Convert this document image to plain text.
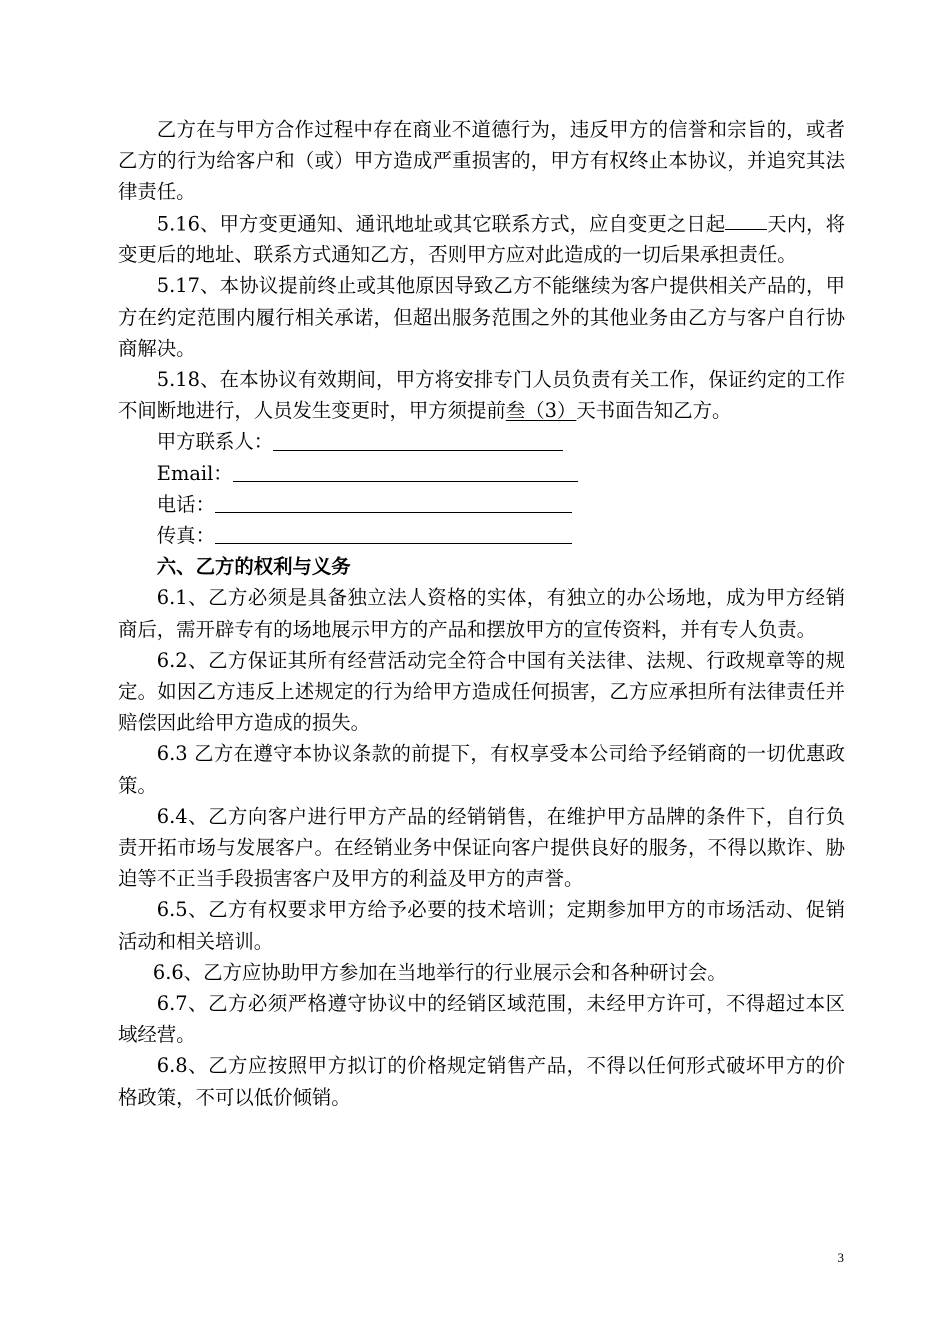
乙方在与甲方合作过程中存在商业不道德行为，违反甲方的信誉和宗旨的，或者乙方的行为给客户和（或）甲方造成严重损害的，甲方有权终止本协议，并追究其法律责任。

5.16、甲方变更通知、通讯地址或其它联系方式，应自变更之日起 天内，将变更后的地址、联系方式通知乙方，否则甲方应对此造成的一切后果承担责任。

5.17、本协议提前终止或其他原因导致乙方不能继续为客户提供相关产品的，甲方在约定范围内履行相关承诺，但超出服务范围之外的其他业务由乙方与客户自行协商解决。

5.18、在本协议有效期间，甲方将安排专门人员负责有关工作，保证约定的工作不间断地进行，人员发生变更时，甲方须提前叁（3）天书面告知乙方。

甲方联系人：
Email：
电话：
传真：

六、乙方的权利与义务

6.1、乙方必须是具备独立法人资格的实体，有独立的办公场地，成为甲方经销商后，需开辟专有的场地展示甲方的产品和摆放甲方的宣传资料，并有专人负责。

6.2、乙方保证其所有经营活动完全符合中国有关法律、法规、行政规章等的规定。如因乙方违反上述规定的行为给甲方造成任何损害，乙方应承担所有法律责任并赔偿因此给甲方造成的损失。

6.3 乙方在遵守本协议条款的前提下，有权享受本公司给予经销商的一切优惠政策。

6.4、乙方向客户进行甲方产品的经销销售，在维护甲方品牌的条件下，自行负责开拓市场与发展客户。在经销业务中保证向客户提供良好的服务，不得以欺诈、胁迫等不正当手段损害客户及甲方的利益及甲方的声誉。

6.5、乙方有权要求甲方给予必要的技术培训；定期参加甲方的市场活动、促销活动和相关培训。

6.6、乙方应协助甲方参加在当地举行的行业展示会和各种研讨会。

6.7、乙方必须严格遵守协议中的经销区域范围，未经甲方许可，不得超过本区域经营。

6.8、乙方应按照甲方拟订的价格规定销售产品，不得以任何形式破坏甲方的价格政策，不可以低价倾销。

3
